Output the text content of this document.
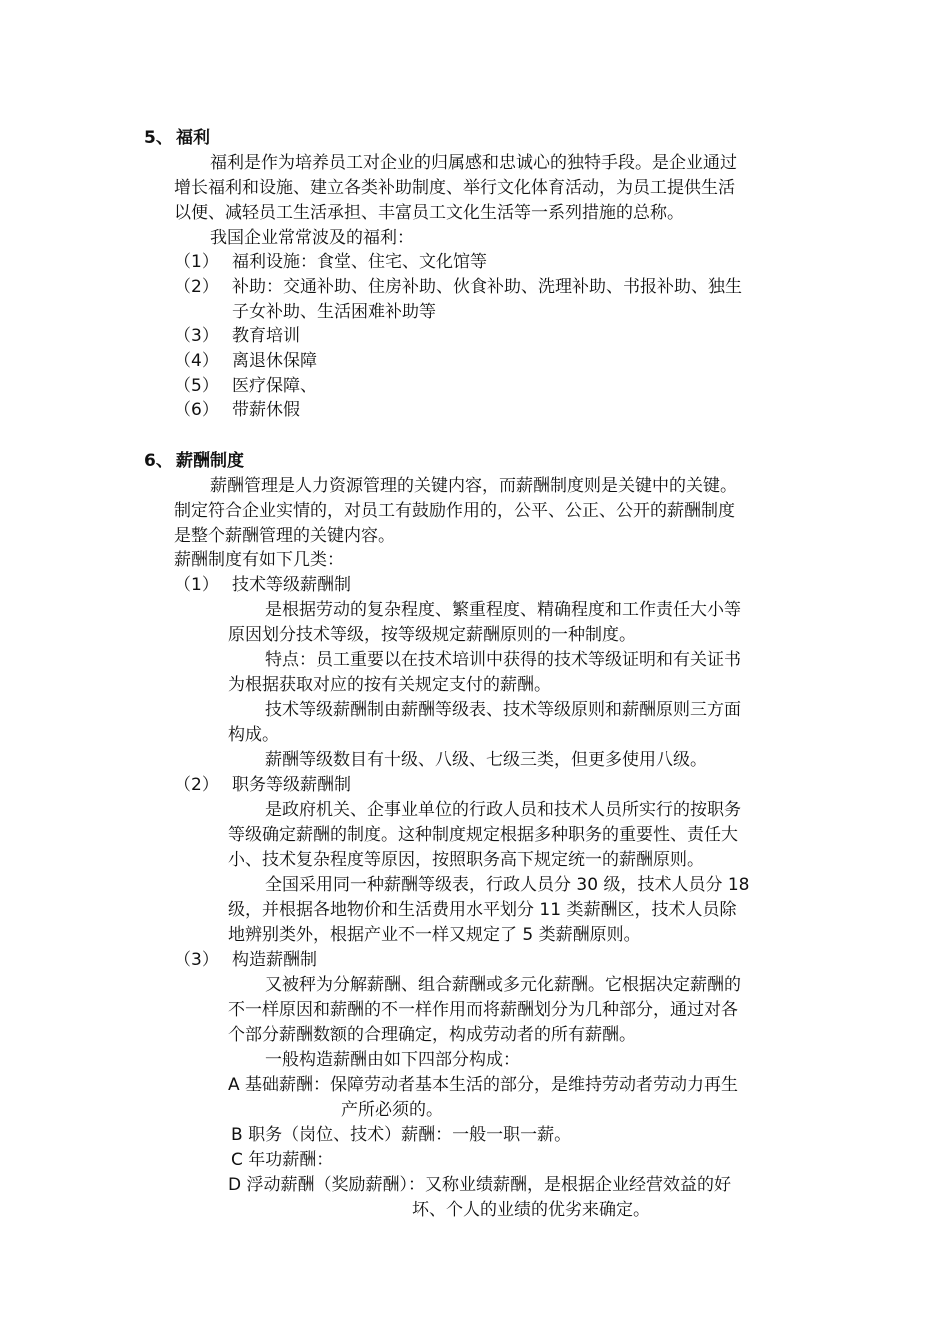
5、 福利
福利是作为培养员工对企业的归属感和忠诚心的独特手段。是企业通过
增长福利和设施、建立各类补助制度、举行文化体育活动，为员工提供生活
以便、减轻员工生活承担、丰富员工文化生活等一系列措施的总称。
我国企业常常波及的福利：
（1） 福利设施：食堂、住宅、文化馆等
（2） 补助：交通补助、住房补助、伙食补助、洗理补助、书报补助、独生
子女补助、生活困难补助等
（3） 教育培训
（4） 离退休保障
（5） 医疗保障、
（6） 带薪休假
6、 薪酬制度
薪酬管理是人力资源管理的关键内容，而薪酬制度则是关键中的关键。
制定符合企业实情的，对员工有鼓励作用的，公平、公正、公开的薪酬制度
是整个薪酬管理的关键内容。
薪酬制度有如下几类：
（1） 技术等级薪酬制
是根据劳动的复杂程度、繁重程度、精确程度和工作责任大小等
原因划分技术等级，按等级规定薪酬原则的一种制度。
特点：员工重要以在技术培训中获得的技术等级证明和有关证书
为根据获取对应的按有关规定支付的薪酬。
技术等级薪酬制由薪酬等级表、技术等级原则和薪酬原则三方面
构成。
薪酬等级数目有十级、八级、七级三类，但更多使用八级。
（2） 职务等级薪酬制
是政府机关、企事业单位的行政人员和技术人员所实行的按职务
等级确定薪酬的制度。这种制度规定根据多种职务的重要性、责任大
小、技术复杂程度等原因，按照职务高下规定统一的薪酬原则。
全国采用同一种薪酬等级表，行政人员分 30 级，技术人员分 18
级，并根据各地物价和生活费用水平划分 11 类薪酬区，技术人员除
地辨别类外，根据产业不一样又规定了 5 类薪酬原则。
（3） 构造薪酬制
又被秤为分解薪酬、组合薪酬或多元化薪酬。它根据决定薪酬的
不一样原因和薪酬的不一样作用而将薪酬划分为几种部分，通过对各
个部分薪酬数额的合理确定，构成劳动者的所有薪酬。
一般构造薪酬由如下四部分构成：
A 基础薪酬：保障劳动者基本生活的部分，是维持劳动者劳动力再生
产所必须的。
B 职务（岗位、技术）薪酬：一般一职一薪。
C 年功薪酬：
D 浮动薪酬（奖励薪酬）：又称业绩薪酬，是根据企业经营效益的好
坏、个人的业绩的优劣来确定。
